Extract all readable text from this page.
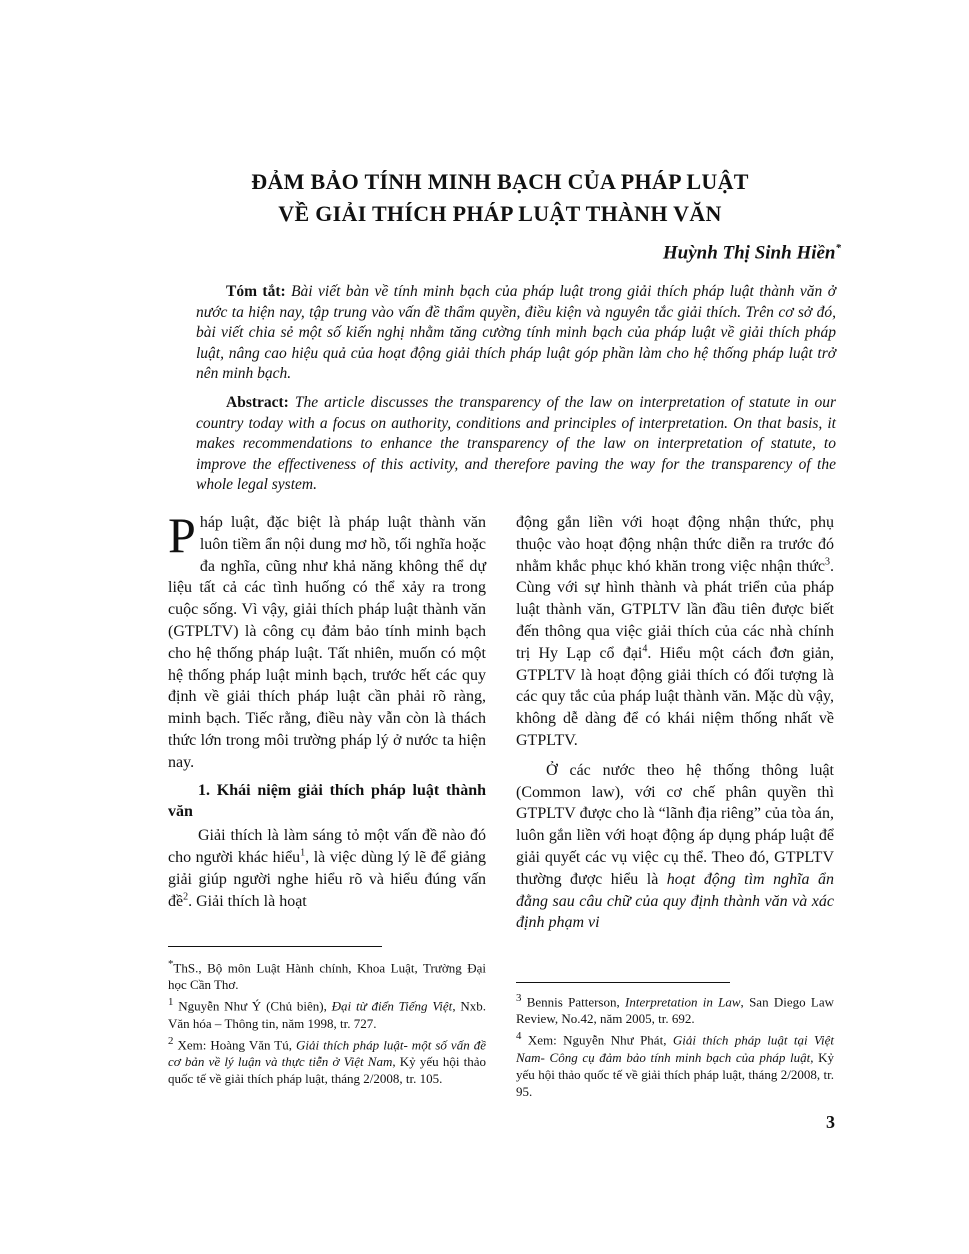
ĐẢM BẢO TÍNH MINH BẠCH CỦA PHÁP LUẬT
VỀ GIẢI THÍCH PHÁP LUẬT THÀNH VĂN
Huỳnh Thị Sinh Hiền*
Tóm tắt: Bài viết bàn về tính minh bạch của pháp luật trong giải thích pháp luật thành văn ở nước ta hiện nay, tập trung vào vấn đề thẩm quyền, điều kiện và nguyên tắc giải thích. Trên cơ sở đó, bài viết chia sẻ một số kiến nghị nhằm tăng cường tính minh bạch của pháp luật về giải thích pháp luật, nâng cao hiệu quả của hoạt động giải thích pháp luật góp phần làm cho hệ thống pháp luật trở nên minh bạch.
Abstract: The article discusses the transparency of the law on interpretation of statute in our country today with a focus on authority, conditions and principles of interpretation. On that basis, it makes recommendations to enhance the transparency of the law on interpretation of statute, to improve the effectiveness of this activity, and therefore paving the way for the transparency of the whole legal system.

Pháp luật, đặc biệt là pháp luật thành văn luôn tiềm ẩn nội dung mơ hồ, tối nghĩa hoặc đa nghĩa, cũng như khả năng không thể dự liệu tất cả các tình huống có thể xảy ra trong cuộc sống. Vì vậy, giải thích pháp luật thành văn (GTPLTV) là công cụ đảm bảo tính minh bạch cho hệ thống pháp luật. Tất nhiên, muốn có một hệ thống pháp luật minh bạch, trước hết các quy định về giải thích pháp luật cần phải rõ ràng, minh bạch. Tiếc rằng, điều này vẫn còn là thách thức lớn trong môi trường pháp lý ở nước ta hiện nay.

1. Khái niệm giải thích pháp luật thành văn

Giải thích là làm sáng tỏ một vấn đề nào đó cho người khác hiểu$^1$, là việc dùng lý lẽ để giảng giải giúp người nghe hiểu rõ và hiểu đúng vấn đề$^2$. Giải thích là hoạt

động gắn liền với hoạt động nhận thức, phụ thuộc vào hoạt động nhận thức diễn ra trước đó nhằm khắc phục khó khăn trong việc nhận thức$^3$. Cùng với sự hình thành và phát triển của pháp luật thành văn, GTPLTV lần đầu tiên được biết đến thông qua việc giải thích của các nhà chính trị Hy Lạp cổ đại$^4$. Hiểu một cách đơn giản, GTPLTV là hoạt động giải thích có đối tượng là các quy tắc của pháp luật thành văn. Mặc dù vậy, không dễ dàng để có khái niệm thống nhất về GTPLTV.

Ở các nước theo hệ thống thông luật (Common law), với cơ chế phân quyền thì GTPLTV được cho là “lãnh địa riêng” của tòa án, luôn gắn liền với hoạt động áp dụng pháp luật để giải quyết các vụ việc cụ thể. Theo đó, GTPLTV thường được hiểu là hoạt động tìm nghĩa ẩn đằng sau câu chữ của quy định thành văn và xác định phạm vi

*ThS., Bộ môn Luật Hành chính, Khoa Luật, Trường Đại học Cần Thơ.

$^1$ Nguyễn Như Ý (Chủ biên), Đại từ điển Tiếng Việt, Nxb. Văn hóa – Thông tin, năm 1998, tr. 727.

$^2$ Xem: Hoàng Văn Tú, Giải thích pháp luật- một số vấn đề cơ bản về lý luận và thực tiễn ở Việt Nam, Kỷ yếu hội thảo quốc tế về giải thích pháp luật, tháng 2/2008, tr. 105.

$^3$ Bennis Patterson, Interpretation in Law, San Diego Law Review, No.42, năm 2005, tr. 692.

$^4$ Xem: Nguyễn Như Phát, Giải thích pháp luật tại Việt Nam- Công cụ đảm bảo tính minh bạch của pháp luật, Kỷ yếu hội thảo quốc tế về giải thích pháp luật, tháng 2/2008, tr. 95.

3
